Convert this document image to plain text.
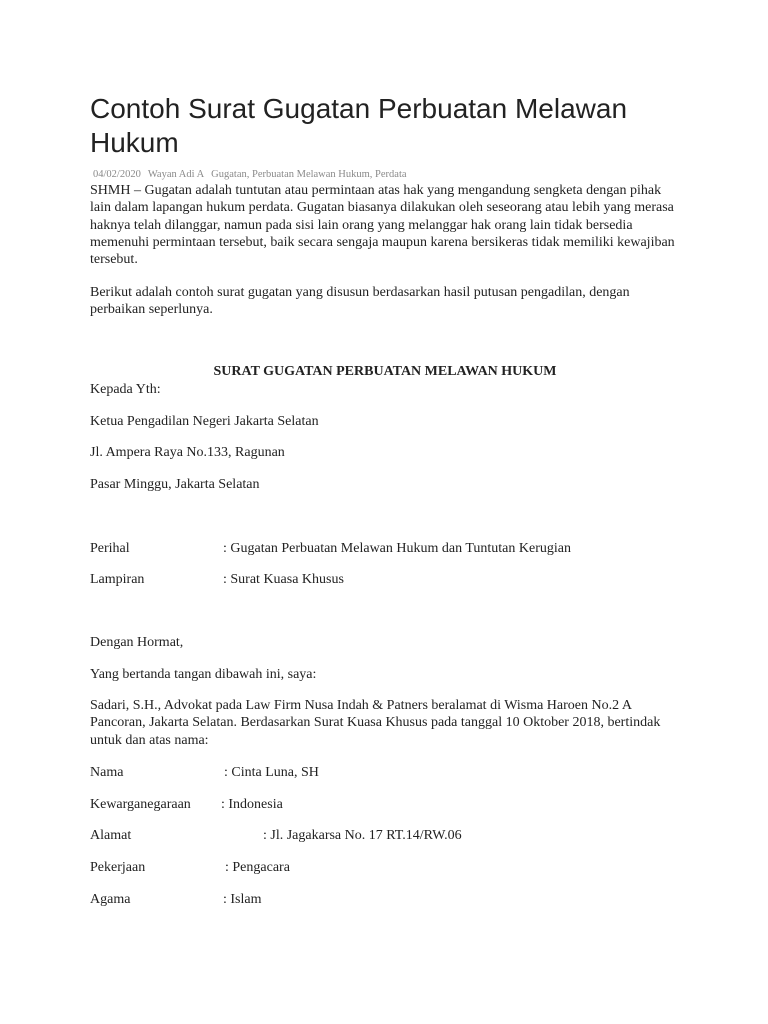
Contoh Surat Gugatan Perbuatan Melawan Hukum
04/02/2020 Wayan Adi A Gugatan, Perbuatan Melawan Hukum, Perdata

SHMH – Gugatan adalah tuntutan atau permintaan atas hak yang mengandung sengketa dengan pihak lain dalam lapangan hukum perdata. Gugatan biasanya dilakukan oleh seseorang atau lebih yang merasa haknya telah dilanggar, namun pada sisi lain orang yang melanggar hak orang lain tidak bersedia memenuhi permintaan tersebut, baik secara sengaja maupun karena bersikeras tidak memiliki kewajiban tersebut.

Berikut adalah contoh surat gugatan yang disusun berdasarkan hasil putusan pengadilan, dengan perbaikan seperlunya.

SURAT GUGATAN PERBUATAN MELAWAN HUKUM
Kepada Yth:
Ketua Pengadilan Negeri Jakarta Selatan
Jl. Ampera Raya No.133, Ragunan
Pasar Minggu, Jakarta Selatan
Perihal	: Gugatan Perbuatan Melawan Hukum dan Tuntutan Kerugian
Lampiran	: Surat Kuasa Khusus
Dengan Hormat,
Yang bertanda tangan dibawah ini, saya:

Sadari, S.H., Advokat pada Law Firm Nusa Indah & Patners beralamat di Wisma Haroen No.2 A Pancoran, Jakarta Selatan. Berdasarkan Surat Kuasa Khusus pada tanggal 10 Oktober 2018, bertindak untuk dan atas nama:

Nama	: Cinta Luna, SH
Kewarganegaraan : Indonesia
Alamat	: Jl. Jagakarsa No. 17 RT.14/RW.06
Pekerjaan	: Pengacara
Agama	: Islam
